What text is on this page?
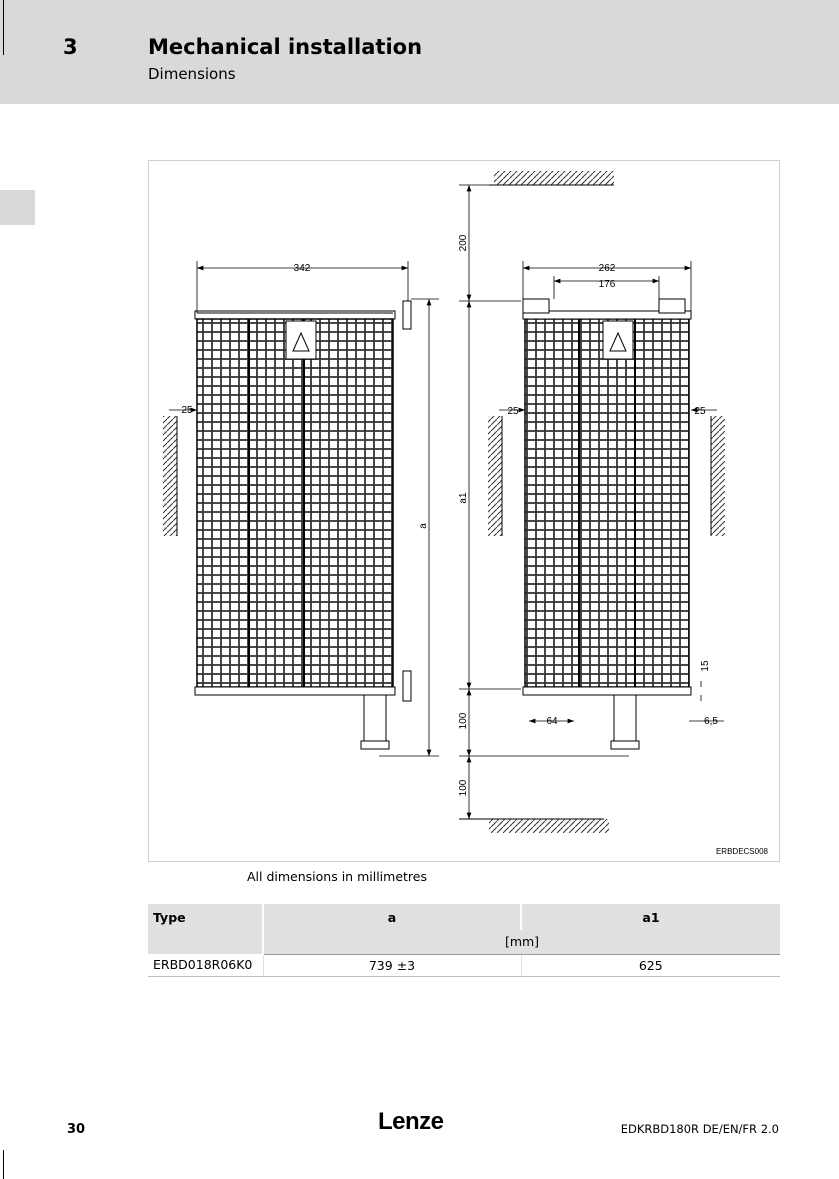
3	Mechanical installation
Dimensions
342
25
a
200
a1
100
100
262
176
25	25
64
15
6,5
ERBDECS008
All dimensions in millimetres
Type	a	a1
	[mm]	
ERBD018R06K0	739 ±3	625
30	Lenze	EDKRBD180R DE/EN/FR 2.0
